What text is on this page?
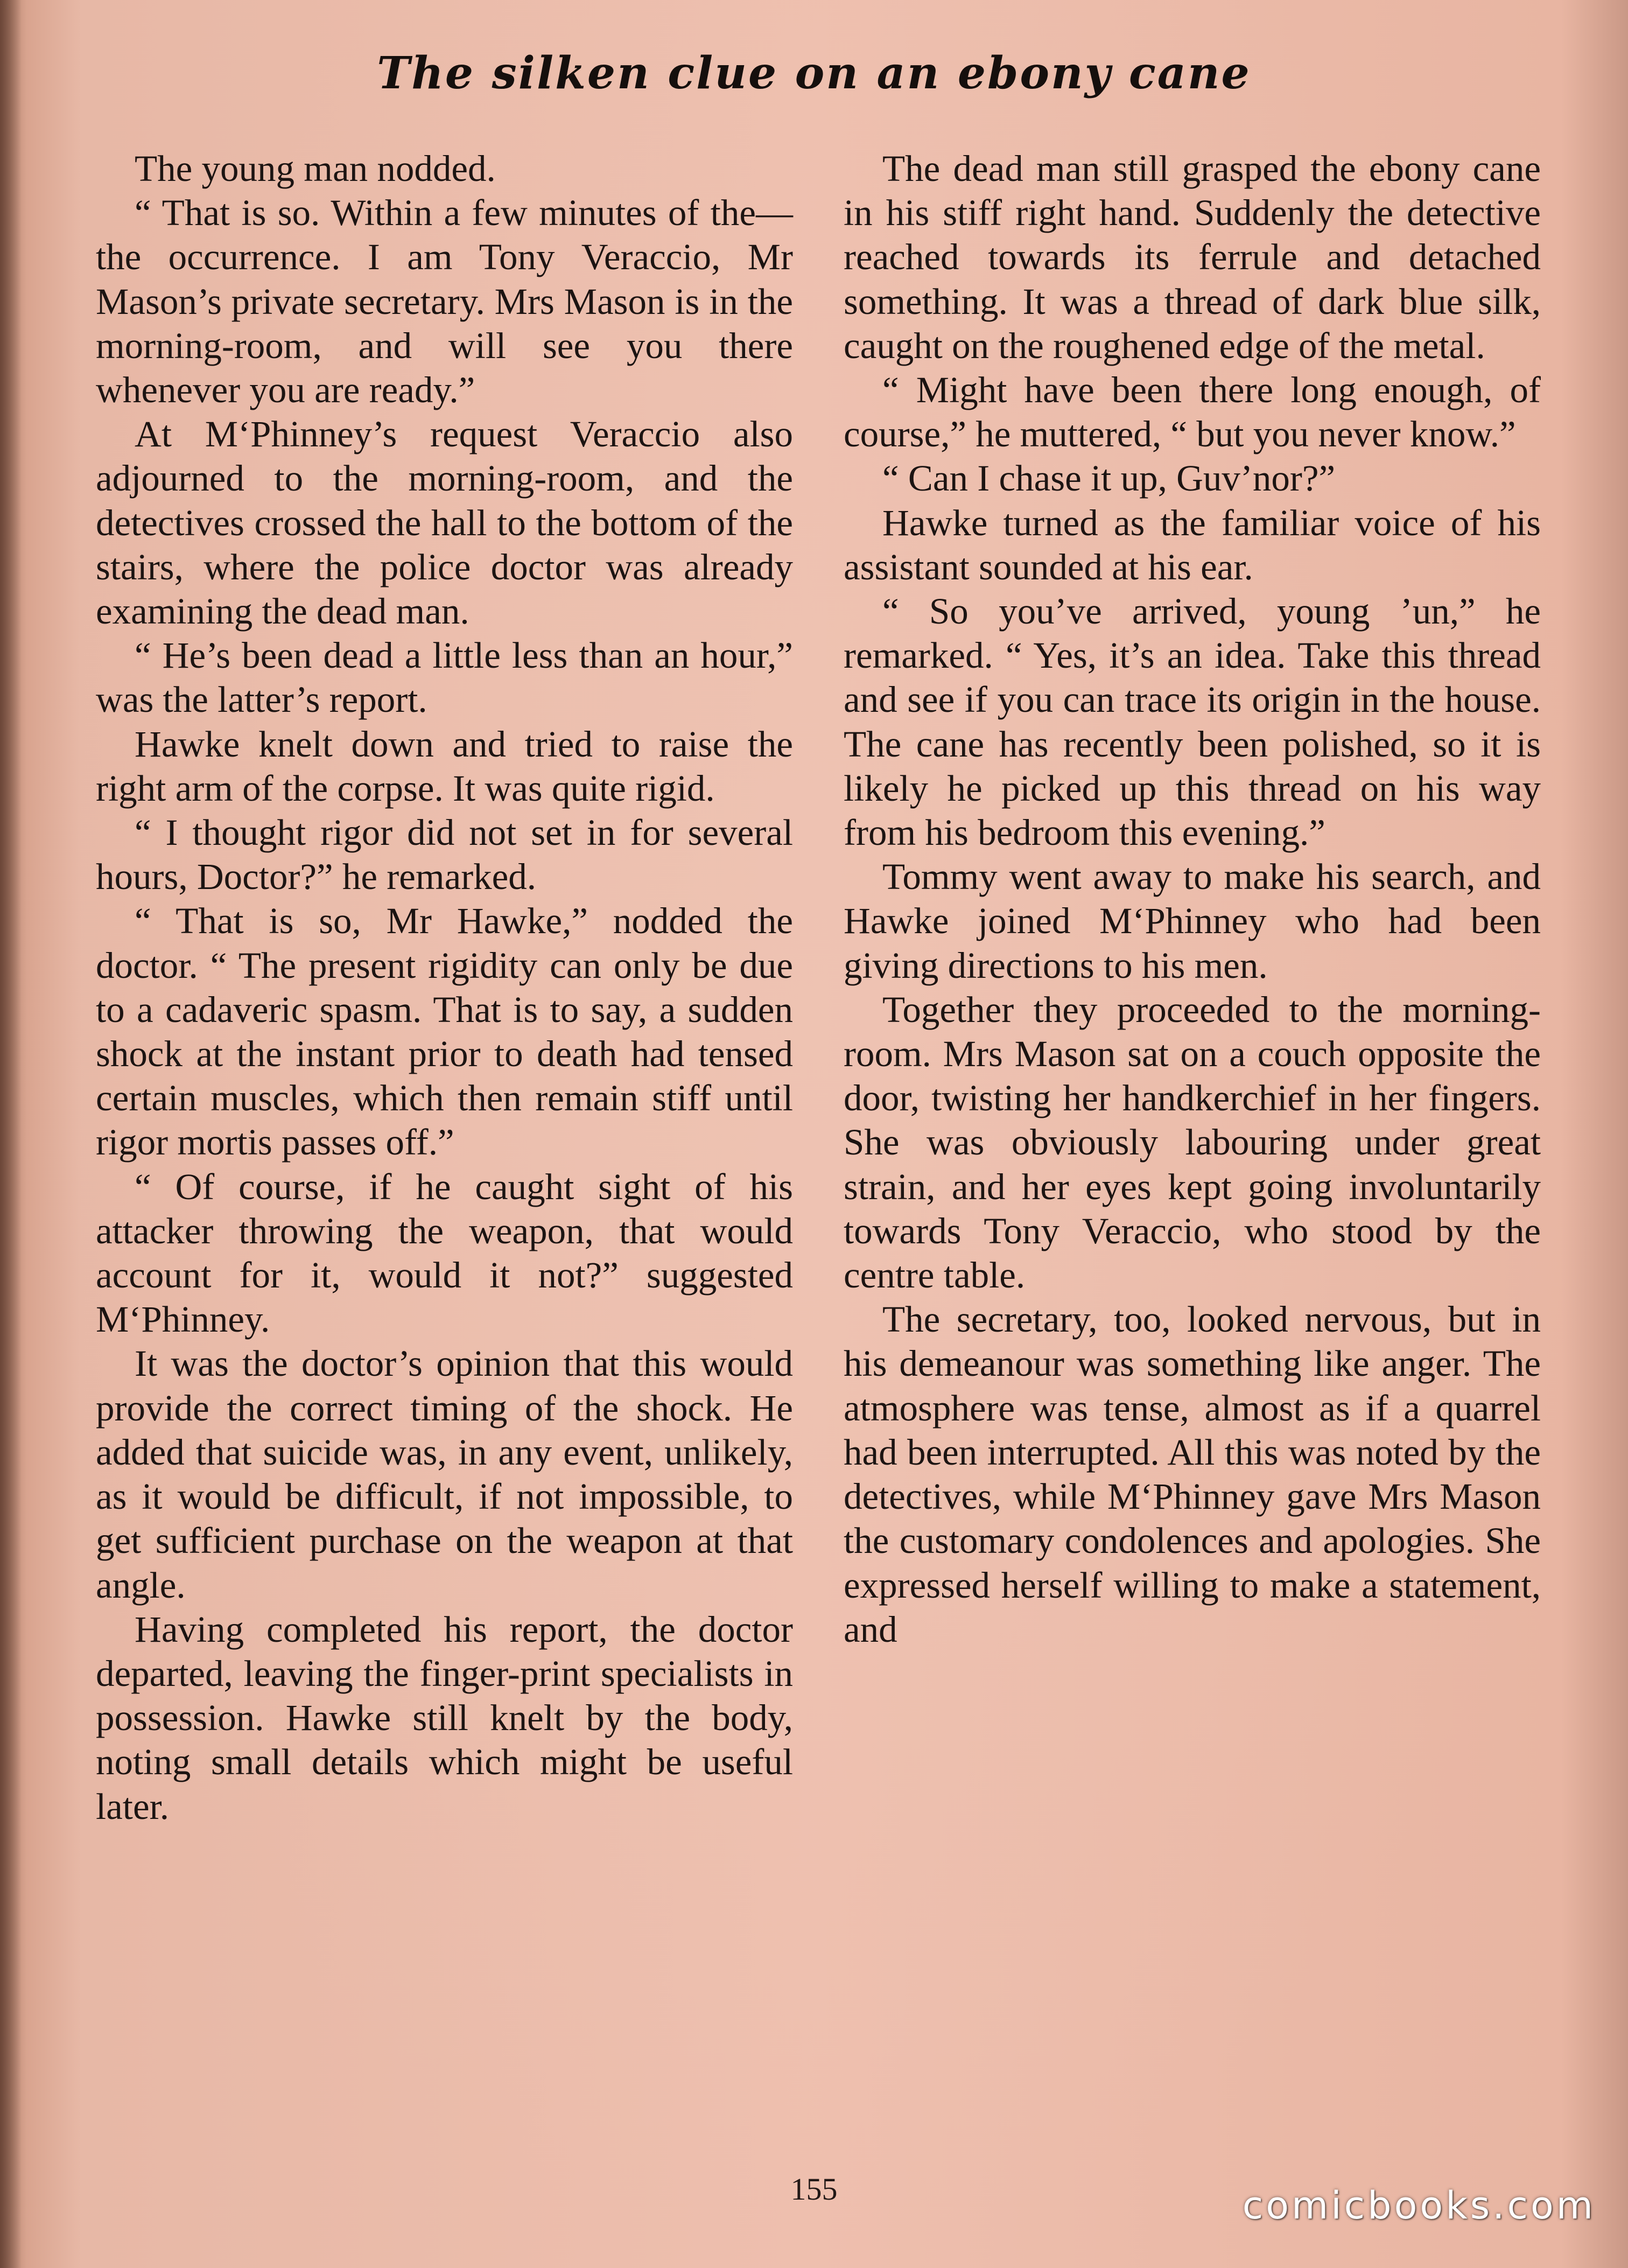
The silken clue on an ebony cane

The young man nodded.

“ That is so. Within a few minutes of the—the occurrence. I am Tony Veraccio, Mr Mason’s private secretary. Mrs Mason is in the morning-room, and will see you there whenever you are ready.”

At M‘Phinney’s request Veraccio also adjourned to the morning-room, and the detectives crossed the hall to the bottom of the stairs, where the police doctor was already examining the dead man.

“ He’s been dead a little less than an hour,” was the latter’s report.

Hawke knelt down and tried to raise the right arm of the corpse. It was quite rigid.

“ I thought rigor did not set in for several hours, Doctor?” he remarked.

“ That is so, Mr Hawke,” nodded the doctor. “ The present rigidity can only be due to a cadaveric spasm. That is to say, a sudden shock at the instant prior to death had tensed certain muscles, which then remain stiff until rigor mortis passes off.”

“ Of course, if he caught sight of his attacker throwing the weapon, that would account for it, would it not?” suggested M‘Phinney.

It was the doctor’s opinion that this would provide the correct timing of the shock. He added that suicide was, in any event, unlikely, as it would be difficult, if not impossible, to get sufficient purchase on the weapon at that angle.

Having completed his report, the doctor departed, leaving the finger-print specialists in possession. Hawke still knelt by the body, noting small details which might be useful later.

The dead man still grasped the ebony cane in his stiff right hand. Suddenly the detective reached towards its ferrule and detached something. It was a thread of dark blue silk, caught on the roughened edge of the metal.

“ Might have been there long enough, of course,” he muttered, “ but you never know.”

“ Can I chase it up, Guv’nor?”

Hawke turned as the familiar voice of his assistant sounded at his ear.

“ So you’ve arrived, young ’un,” he remarked. “ Yes, it’s an idea. Take this thread and see if you can trace its origin in the house. The cane has recently been polished, so it is likely he picked up this thread on his way from his bedroom this evening.”

Tommy went away to make his search, and Hawke joined M‘Phinney who had been giving directions to his men.

Together they proceeded to the morning-room. Mrs Mason sat on a couch opposite the door, twisting her handkerchief in her fingers. She was obviously labouring under great strain, and her eyes kept going involuntarily towards Tony Veraccio, who stood by the centre table.

The secretary, too, looked nervous, but in his demeanour was something like anger. The atmosphere was tense, almost as if a quarrel had been interrupted. All this was noted by the detectives, while M‘Phinney gave Mrs Mason the customary condolences and apologies. She expressed herself willing to make a statement, and

155	comicbooks.com
